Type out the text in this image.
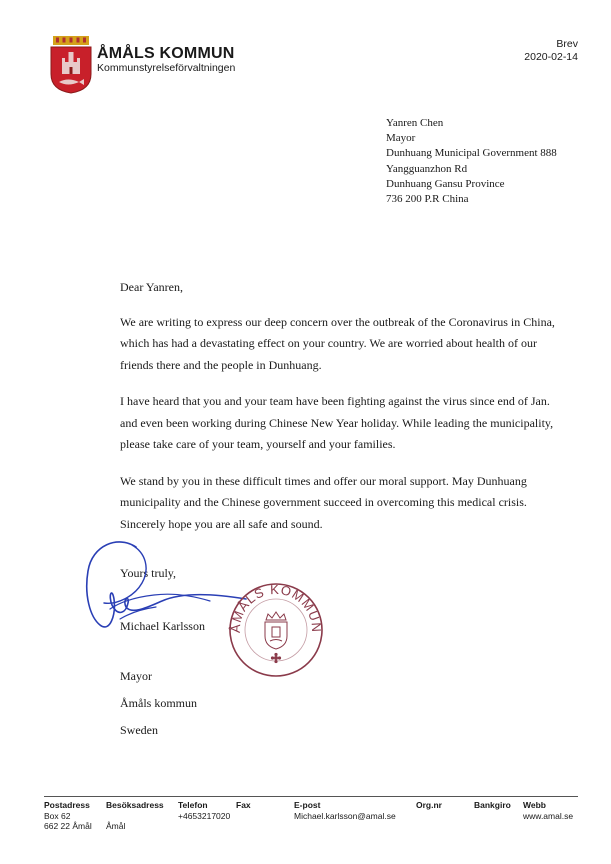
ÅMÅLS KOMMUN
Kommunstyrelseförvaltningen
Brev
2020-02-14
Yanren Chen
Mayor
Dunhuang Municipal Government 888
Yangguanzhon Rd
Dunhuang Gansu Province
736 200 P.R China

Dear Yanren,

We are writing to express our deep concern over the outbreak of the Coronavirus in China, which has had a devastating effect on your country. We are worried about health of our friends there and the people in Dunhuang.

I have heard that you and your team have been fighting against the virus since end of Jan. and even been working during Chinese New Year holiday. While leading the municipality, please take care of your team, yourself and your families.

We stand by you in these difficult times and offer our moral support. May Dunhuang municipality and the Chinese government succeed in overcoming this medical crisis. Sincerely hope you are all safe and sound.

Yours truly,
Michael Karlsson
Mayor
Åmåls kommun
Sweden
ÅMÅLS KOMMUN
Postadress
Box 62
662 22 Åmål
Besöksadress
Åmål
Telefon
+4653217020
Fax	E-post
Michael.karlsson@amal.se
Org.nr	Bankgiro Webb
www.amal.se
